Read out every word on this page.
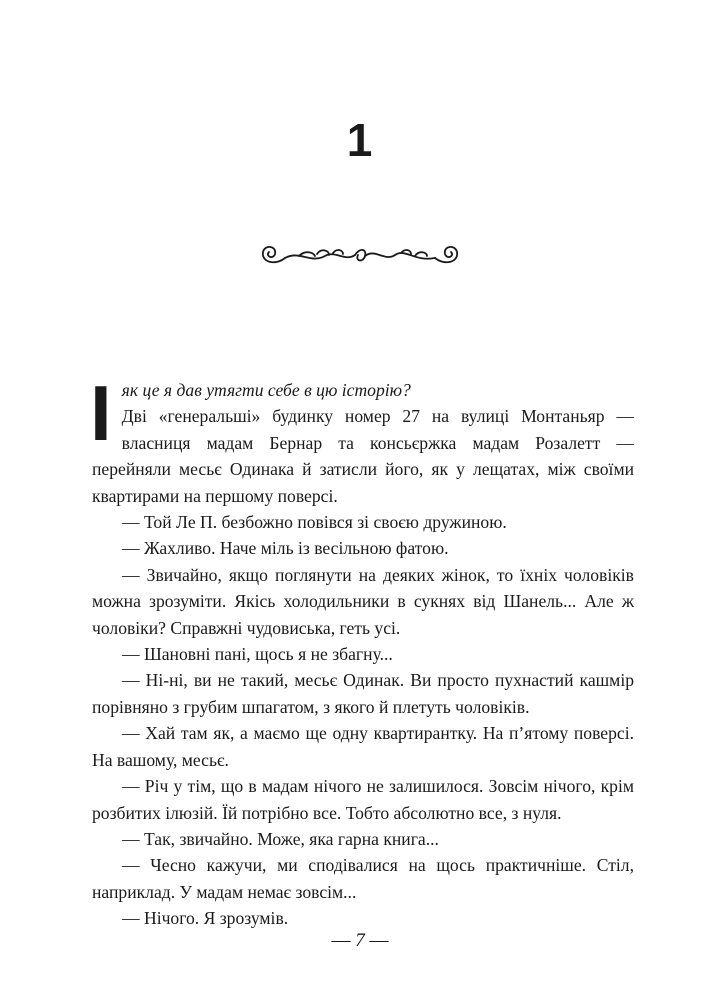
1

І як це я дав утягти себе в цю історію?
Дві «генеральші» будинку номер 27 на вулиці Монтаньяр — власниця мадам Бернар та консьєржка мадам Розалетт — перейняли месьє Одинака й затисли його, як у лещатах, між своїми квартирами на першому поверсі.

— Той Ле П. безбожно повівся зі своєю дружиною.

— Жахливо. Наче міль із весільною фатою.

— Звичайно, якщо поглянути на деяких жінок, то їхніх чоловіків можна зрозуміти. Якісь холодильники в сукнях від Шанель... Але ж чоловіки? Справжні чудовиська, геть усі.

— Шановні пані, щось я не збагну...

— Ні-ні, ви не такий, месьє Одинак. Ви просто пухнастий кашмір порівняно з грубим шпагатом, з якого й плетуть чоловіків.

— Хай там як, а маємо ще одну квартирантку. На п’ятому поверсі. На вашому, месьє.

— Річ у тім, що в мадам нічого не залишилося. Зовсім нічого, крім розбитих ілюзій. Їй потрібно все. Тобто абсолютно все, з нуля.

— Так, звичайно. Може, яка гарна книга...

— Чесно кажучи, ми сподівалися на щось практичніше. Стіл, наприклад. У мадам немає зовсім...

— Нічого. Я зрозумів.

— 7 —
